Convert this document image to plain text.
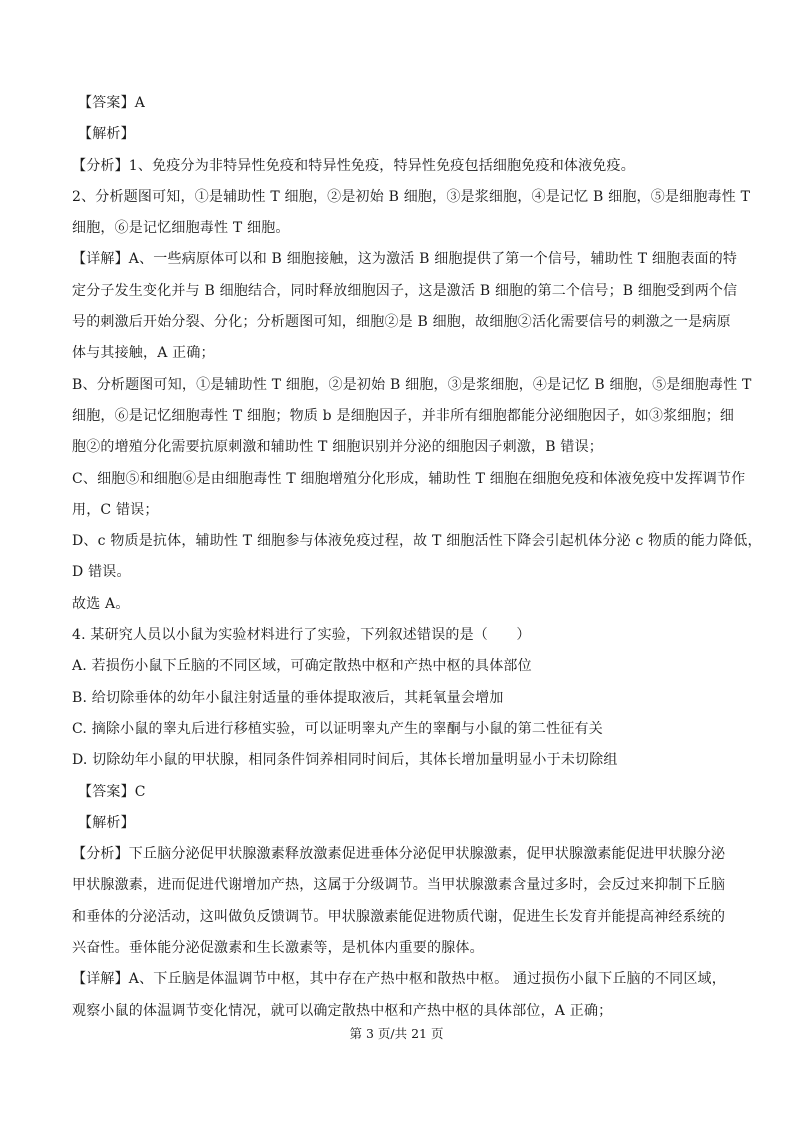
【答案】A
【解析】
【分析】1、免疫分为非特异性免疫和特异性免疫，特异性免疫包括细胞免疫和体液免疫。
2、分析题图可知，①是辅助性 T 细胞，②是初始 B 细胞，③是浆细胞，④是记忆 B 细胞，⑤是细胞毒性 T
细胞，⑥是记忆细胞毒性 T 细胞。
【详解】A、一些病原体可以和 B 细胞接触，这为激活 B 细胞提供了第一个信号，辅助性 T 细胞表面的特
定分子发生变化并与 B 细胞结合，同时释放细胞因子，这是激活 B 细胞的第二个信号；B 细胞受到两个信
号的刺激后开始分裂、分化；分析题图可知，细胞②是 B 细胞，故细胞②活化需要信号的刺激之一是病原
体与其接触，A 正确；
B、分析题图可知，①是辅助性 T 细胞，②是初始 B 细胞，③是浆细胞，④是记忆 B 细胞，⑤是细胞毒性 T
细胞，⑥是记忆细胞毒性 T 细胞；物质 b 是细胞因子，并非所有细胞都能分泌细胞因子，如③浆细胞；细
胞②的增殖分化需要抗原刺激和辅助性 T 细胞识别并分泌的细胞因子刺激，B 错误；
C、细胞⑤和细胞⑥是由细胞毒性 T 细胞增殖分化形成，辅助性 T 细胞在细胞免疫和体液免疫中发挥调节作
用，C 错误；
D、c 物质是抗体，辅助性 T 细胞参与体液免疫过程，故 T 细胞活性下降会引起机体分泌 c 物质的能力降低，
D 错误。
故选 A。
4. 某研究人员以小鼠为实验材料进行了实验，下列叙述错误的是（　　）
A. 若损伤小鼠下丘脑的不同区域，可确定散热中枢和产热中枢的具体部位
B. 给切除垂体的幼年小鼠注射适量的垂体提取液后，其耗氧量会增加
C. 摘除小鼠的睾丸后进行移植实验，可以证明睾丸产生的睾酮与小鼠的第二性征有关
D. 切除幼年小鼠的甲状腺，相同条件饲养相同时间后，其体长增加量明显小于未切除组
【答案】C
【解析】
【分析】下丘脑分泌促甲状腺激素释放激素促进垂体分泌促甲状腺激素，促甲状腺激素能促进甲状腺分泌
甲状腺激素，进而促进代谢增加产热，这属于分级调节。当甲状腺激素含量过多时，会反过来抑制下丘脑
和垂体的分泌活动，这叫做负反馈调节。甲状腺激素能促进物质代谢，促进生长发育并能提高神经系统的
兴奋性。垂体能分泌促激素和生长激素等，是机体内重要的腺体。
【详解】A、下丘脑是体温调节中枢，其中存在产热中枢和散热中枢。 通过损伤小鼠下丘脑的不同区域，
观察小鼠的体温调节变化情况，就可以确定散热中枢和产热中枢的具体部位，A 正确；
第 3 页/共 21 页
